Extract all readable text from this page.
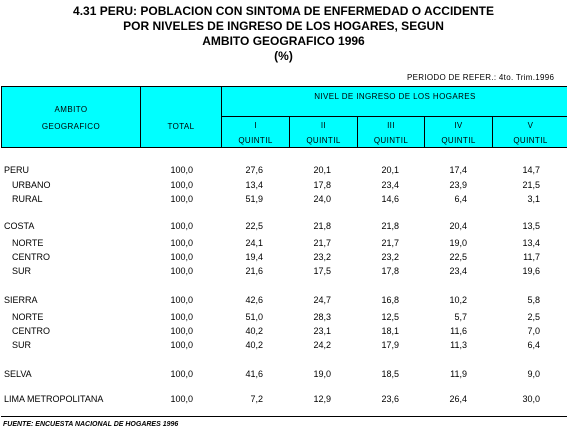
4.31 PERU: POBLACION CON SINTOMA DE ENFERMEDAD O ACCIDENTE
POR NIVELES DE INGRESO DE LOS HOGARES, SEGUN
AMBITO GEOGRAFICO 1996
(%)
PERIODO DE REFER.: 4to. Trim.1996
AMBITO
GEOGRAFICO	TOTAL
NIVEL DE INGRESO DE LOS HOGARES
I
QUINTIL
II
QUINTIL
III
QUINTIL
IV
QUINTIL
V
QUINTIL
PERU	100,0	27,6	20,1	20,1	17,4	14,7
URBANO	100,0	13,4	17,8	23,4	23,9	21,5
RURAL	100,0	51,9	24,0	14,6	6,4	3,1
COSTA	100,0	22,5	21,8	21,8	20,4	13,5
NORTE	100,0	24,1	21,7	21,7	19,0	13,4
CENTRO	100,0	19,4	23,2	23,2	22,5	11,7
SUR	100,0	21,6	17,5	17,8	23,4	19,6
SIERRA	100,0	42,6	24,7	16,8	10,2	5,8
NORTE	100,0	51,0	28,3	12,5	5,7	2,5
CENTRO	100,0	40,2	23,1	18,1	11,6	7,0
SUR	100,0	40,2	24,2	17,9	11,3	6,4
SELVA	100,0	41,6	19,0	18,5	11,9	9,0
LIMA METROPOLITANA	100,0	7,2	12,9	23,6	26,4	30,0
FUENTE: ENCUESTA NACIONAL DE HOGARES 1996
